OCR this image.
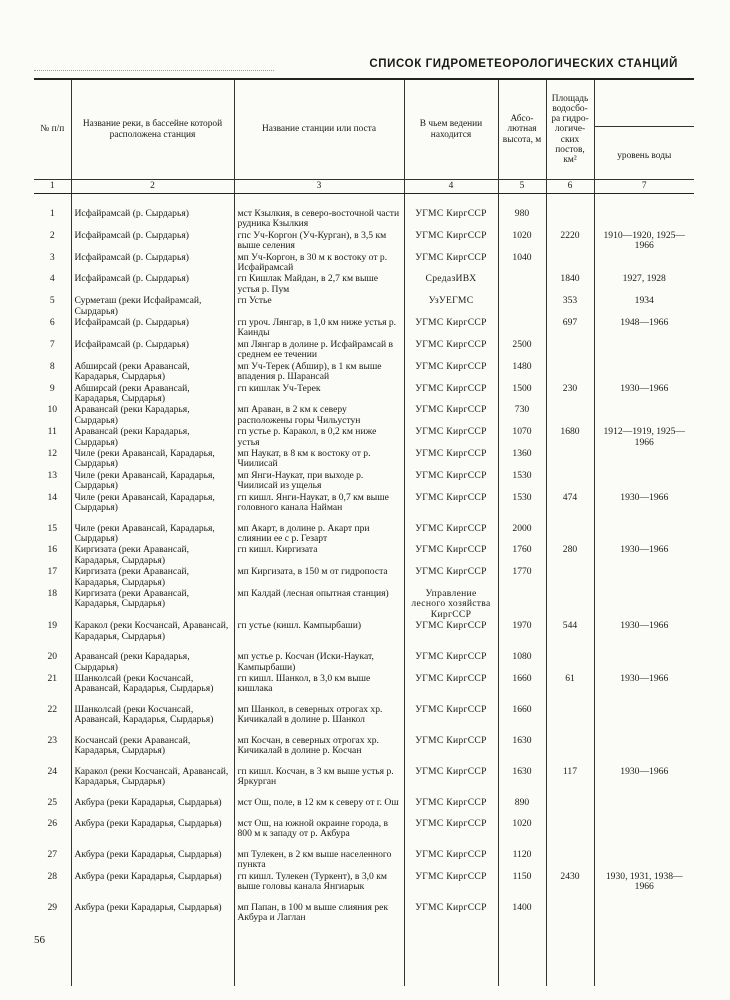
СПИСОК ГИДРОМЕТЕОРОЛОГИЧЕСКИХ СТАНЦИЙ
№ п/п	Название реки, в бассейне которой расположена станция	Название станции или поста	В чьем ведении находится	Абсо-лютная высота, м	Площадь водосбо-ра гидро-логиче-ских постов, км²	уровень воды
1	2	3	4	5	6	7

1	Исфайрамсай (р. Сырдарья)	мст Кзылкия, в северо-восточной части рудника Кзылкия	УГМС КиргССР	980		
2	Исфайрамсай (р. Сырдарья)	гпс Уч-Коргон (Уч-Курган), в 3,5 км выше селения	УГМС КиргССР	1020	2220	1910—1920, 1925—1966
3	Исфайрамсай (р. Сырдарья)	мп Уч-Коргон, в 30 м к востоку от р. Исфайрамсай	УГМС КиргССР	1040		
4	Исфайрамсай (р. Сырдарья)	гп Кишлак Майдан, в 2,7 км выше устья р. Пум	СредазИВХ		1840	1927, 1928
5	Сурметаш (реки Исфайрамсай, Сырдарья)	гп Устье	УзУЕГМС		353	1934
6	Исфайрамсай (р. Сырдарья)	гп уроч. Лянгар, в 1,0 км ниже устья р. Каинды	УГМС КиргССР		697	1948—1966
7	Исфайрамсай (р. Сырдарья)	мп Лянгар в долине р. Исфайрамсай в среднем ее течении	УГМС КиргССР	2500		
8	Абширсай (реки Аравансай, Карадарья, Сырдарья)	мп Уч-Терек (Абшир), в 1 км выше впадения р. Шарансай	УГМС КиргССР	1480		
9	Абширсай (реки Аравансай, Карадарья, Сырдарья)	гп кишлак Уч-Терек	УГМС КиргССР	1500	230	1930—1966
10	Аравансай (реки Карадарья, Сырдарья)	мп Араван, в 2 км к северу расположены горы Чильустун	УГМС КиргССР	730		
11	Аравансай (реки Карадарья, Сырдарья)	гп устье р. Каракол, в 0,2 км ниже устья	УГМС КиргССР	1070	1680	1912—1919, 1925—1966
12	Чиле (реки Аравансай, Карадарья, Сырдарья)	мп Наукат, в 8 км к востоку от р. Чиилисай	УГМС КиргССР	1360		
13	Чиле (реки Аравансай, Карадарья, Сырдарья)	мп Янги-Наукат, при выходе р. Чиилисай из ущелья	УГМС КиргССР	1530		
14	Чиле (реки Аравансай, Карадарья, Сырдарья)	гп кишл. Янги-Наукат, в 0,7 км выше головного канала Найман	УГМС КиргССР	1530	474	1930—1966
15	Чиле (реки Аравансай, Карадарья, Сырдарья)	мп Акарт, в долине р. Акарт при слиянии ее с р. Гезарт	УГМС КиргССР	2000		
16	Киргизата (реки Аравансай, Карадарья, Сырдарья)	гп кишл. Киргизата	УГМС КиргССР	1760	280	1930—1966
17	Киргизата (реки Аравансай, Карадарья, Сырдарья)	мп Киргизата, в 150 м от гидропоста	УГМС КиргССР	1770		
18	Киргизата (реки Аравансай, Карадарья, Сырдарья)	мп Калдай (лесная опытная станция)	Управление лесного хозяйства КиргССР			
19	Каракол (реки Косчансай, Аравансай, Карадарья, Сырдарья)	гп устье (кишл. Кампырбаши)	УГМС КиргССР	1970	544	1930—1966
20	Аравансай (реки Карадарья, Сырдарья)	мп устье р. Косчан (Иски-Наукат, Кампырбаши)	УГМС КиргССР	1080		
21	Шанколсай (реки Косчансай, Аравансай, Карадарья, Сырдарья)	гп кишл. Шанкол, в 3,0 км выше кишлака	УГМС КиргССР	1660	61	1930—1966
22	Шанколсай (реки Косчансай, Аравансай, Карадарья, Сырдарья)	мп Шанкол, в северных отрогах хр. Кичикалай в долине р. Шанкол	УГМС КиргССР	1660		
23	Косчансай (реки Аравансай, Карадарья, Сырдарья)	мп Косчан, в северных отрогах хр. Кичикалай в долине р. Косчан	УГМС КиргССР	1630		
24	Каракол (реки Косчансай, Аравансай, Карадарья, Сырдарья)	гп кишл. Косчан, в 3 км выше устья р. Яркурган	УГМС КиргССР	1630	117	1930—1966
25	Акбура (реки Карадарья, Сырдарья)	мст Ош, поле, в 12 км к северу от г. Ош	УГМС КиргССР	890		
26	Акбура (реки Карадарья, Сырдарья)	мст Ош, на южной окраине города, в 800 м к западу от р. Акбура	УГМС КиргССР	1020		
27	Акбура (реки Карадарья, Сырдарья)	мп Тулекен, в 2 км выше населенного пункта	УГМС КиргССР	1120		
28	Акбура (реки Карадарья, Сырдарья)	гп кишл. Тулекен (Туркент), в 3,0 км выше головы канала Янгиарык	УГМС КиргССР	1150	2430	1930, 1931, 1938—1966
29	Акбура (реки Карадарья, Сырдарья)	мп Папан, в 100 м выше слияния рек Акбура и Лаглан	УГМС КиргССР	1400		

56
